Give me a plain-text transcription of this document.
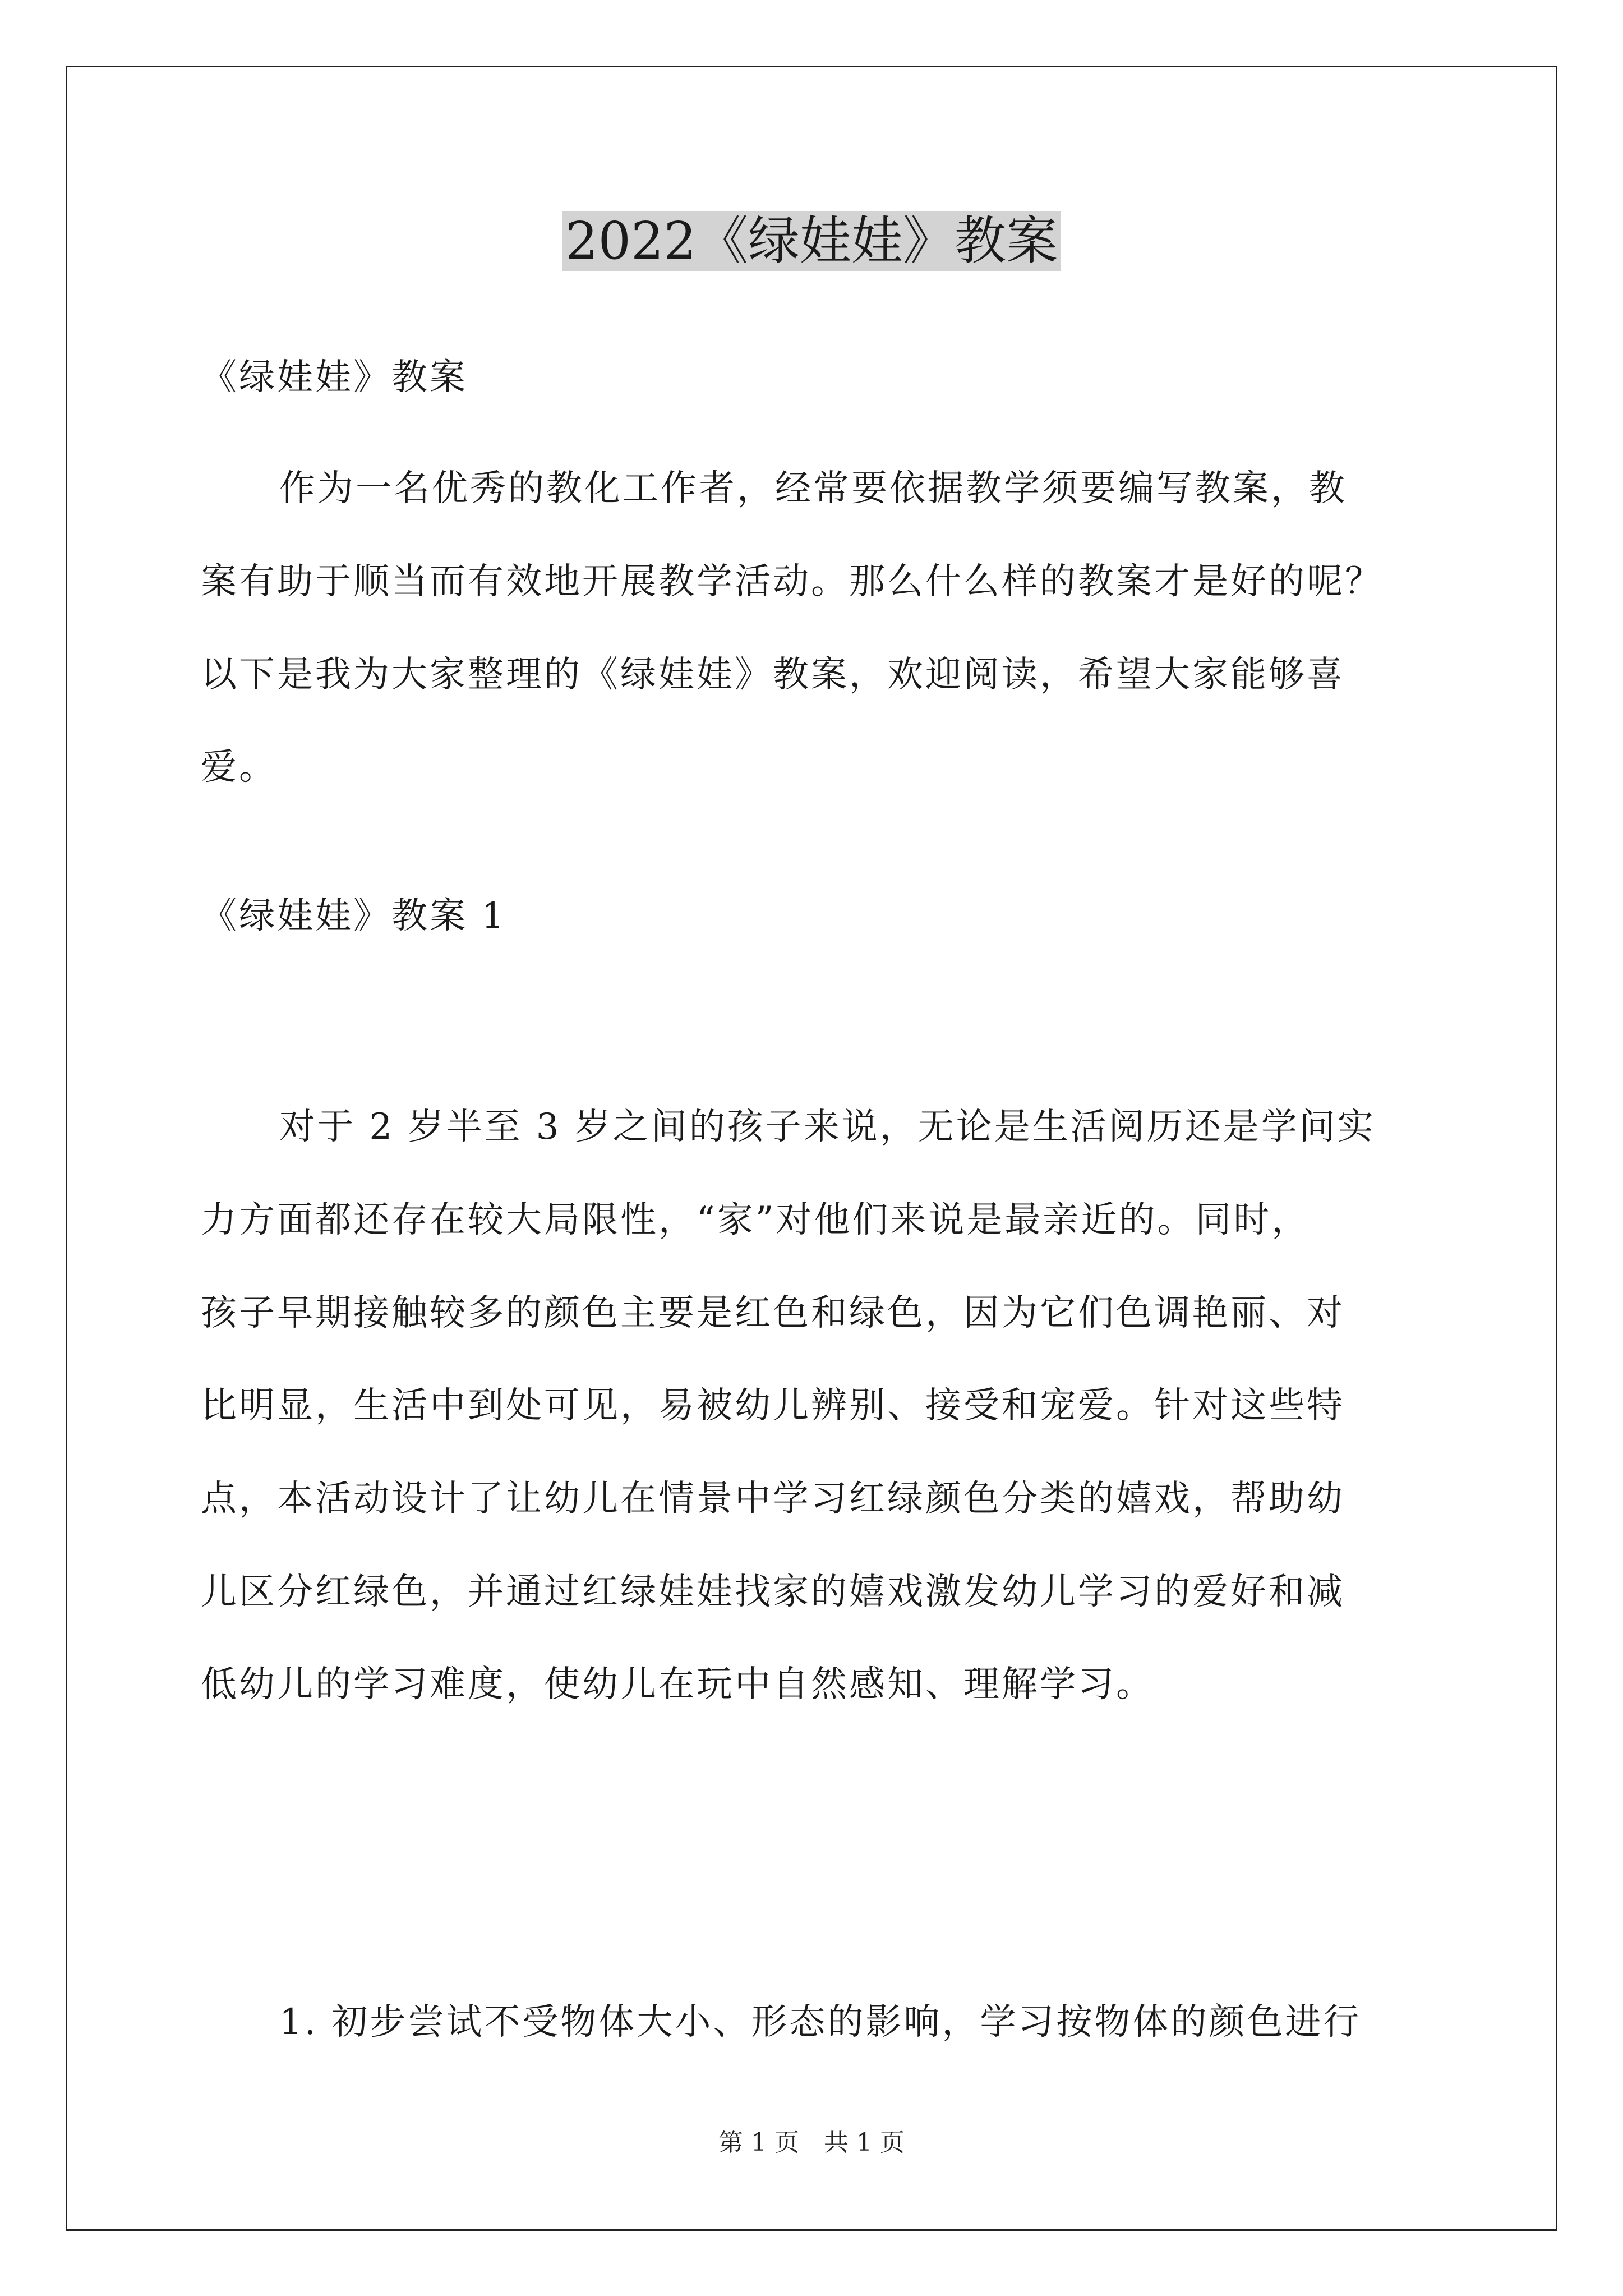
2022《绿娃娃》教案
《绿娃娃》教案
作为一名优秀的教化工作者，经常要依据教学须要编写教案，教
案有助于顺当而有效地开展教学活动。那么什么样的教案才是好的呢？
以下是我为大家整理的《绿娃娃》教案，欢迎阅读，希望大家能够喜
爱。
《绿娃娃》教案 1
对于 2 岁半至 3 岁之间的孩子来说，无论是生活阅历还是学问实
力方面都还存在较大局限性，“家”对他们来说是最亲近的。同时，
孩子早期接触较多的颜色主要是红色和绿色，因为它们色调艳丽、对
比明显，生活中到处可见，易被幼儿辨别、接受和宠爱。针对这些特
点，本活动设计了让幼儿在情景中学习红绿颜色分类的嬉戏，帮助幼
儿区分红绿色，并通过红绿娃娃找家的嬉戏激发幼儿学习的爱好和减
低幼儿的学习难度，使幼儿在玩中自然感知、理解学习。
1. 初步尝试不受物体大小、形态的影响，学习按物体的颜色进行
第 1 页　共 1 页
